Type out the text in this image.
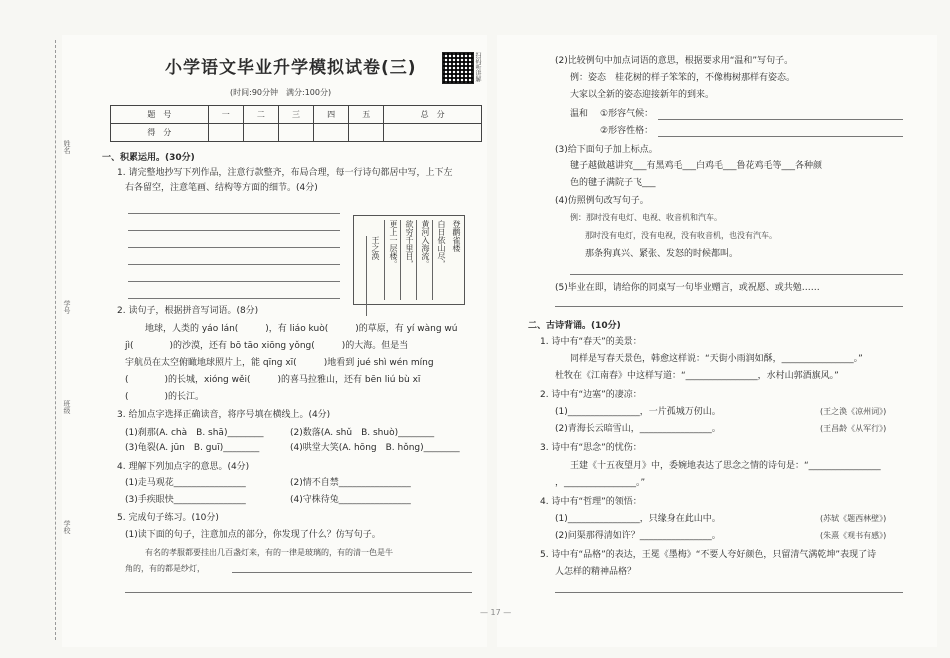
姓名
学号
班级
学校
小学语文毕业升学模拟试卷(三)	扫码听讲解
(时间:90分钟　满分:100分)
题　号	一	二	三	四	五	总　分
得　分						
一、积累运用。(30分)
1. 请完整地抄写下列作品，注意行款整齐，布局合理，每一行诗句都居中写，上下左
右各留空，注意笔画、结构等方面的细节。(4分)
登鹳雀楼
白日依山尽，
黄河入海流。
欲穷千里目，
更上一层楼。
王之涣
2. 读句子，根据拼音写词语。(8分)
地球，人类的 yáo lán(　　　)，有 liáo kuò(　　　)的草原，有 yí wàng wú
jì(　　　　)的沙漠，还有 bō tāo xiōng yǒng(　　　)的大海。但是当
宇航员在太空俯瞰地球照片上，能 qīng xī(　　　)地看到 jué shì wén míng
(　　　　)的长城，xióng wěi(　　　)的喜马拉雅山，还有 bēn liú bù xī
(　　　　)的长江。
3. 给加点字选择正确读音，将序号填在横线上。(4分)
(1)刹那(A. chà　B. shā)________	(2)数落(A. shǔ　B. shuò)________
(3)龟裂(A. jūn　B. guī)________	(4)哄堂大笑(A. hōng　B. hǒng)________
4. 理解下列加点字的意思。(4分)
(1)走马观花________________	(2)情不自禁________________
(3)手疾眼快________________	(4)守株待兔________________
5. 完成句子练习。(10分)
(1)读下面的句子，注意加点的部分，你发现了什么？仿写句子。
有名的孝服都要挂出几百盏灯来，有的一律是玻璃的，有的清一色是牛
角的，有的都是纱灯，
(2)比较例句中加点词语的意思，根据要求用“温和”写句子。
例：姿态　桂花树的样子笨笨的，不像梅树那样有姿态。
大家以全新的姿态迎接新年的到来。
温和 ①形容气候：
②形容性格：
(3)给下面句子加上标点。
毽子越做越讲究___有黑鸡毛___白鸡毛___鲁花鸡毛等___各种颜
色的毽子满院子飞___
(4)仿照例句改写句子。
例：那时没有电灯、电视、收音机和汽车。
那时没有电灯，没有电视，没有收音机，也没有汽车。
那条狗真兴、紧张、发怒的时候都叫。
(5)毕业在即，请给你的同桌写一句毕业赠言，或祝愿、或共勉……
二、古诗背诵。(10分)
1. 诗中有“春天”的美景：
同样是写春天景色，韩愈这样说：“天街小雨润如酥，________________。”
杜牧在《江南春》中这样写道：“________________，水村山郭酒旗风。”
2. 诗中有“边塞”的凄凉：
(1)________________，一片孤城万仞山。	(王之涣《凉州词》)
(2)青海长云暗雪山，________________。	(王昌龄《从军行》)
3. 诗中有“思念”的忧伤：
王建《十五夜望月》中，委婉地表达了思念之情的诗句是：“________________
，________________。”
4. 诗中有“哲理”的领悟：
(1)________________，只缘身在此山中。	(苏轼《题西林壁》)
(2)问渠那得清如许？________________。	(朱熹《观书有感》)
5. 诗中有“品格”的表达，王冕《墨梅》“不要人夸好颜色，只留清气满乾坤”表现了诗
人怎样的精神品格？
— 17 —
